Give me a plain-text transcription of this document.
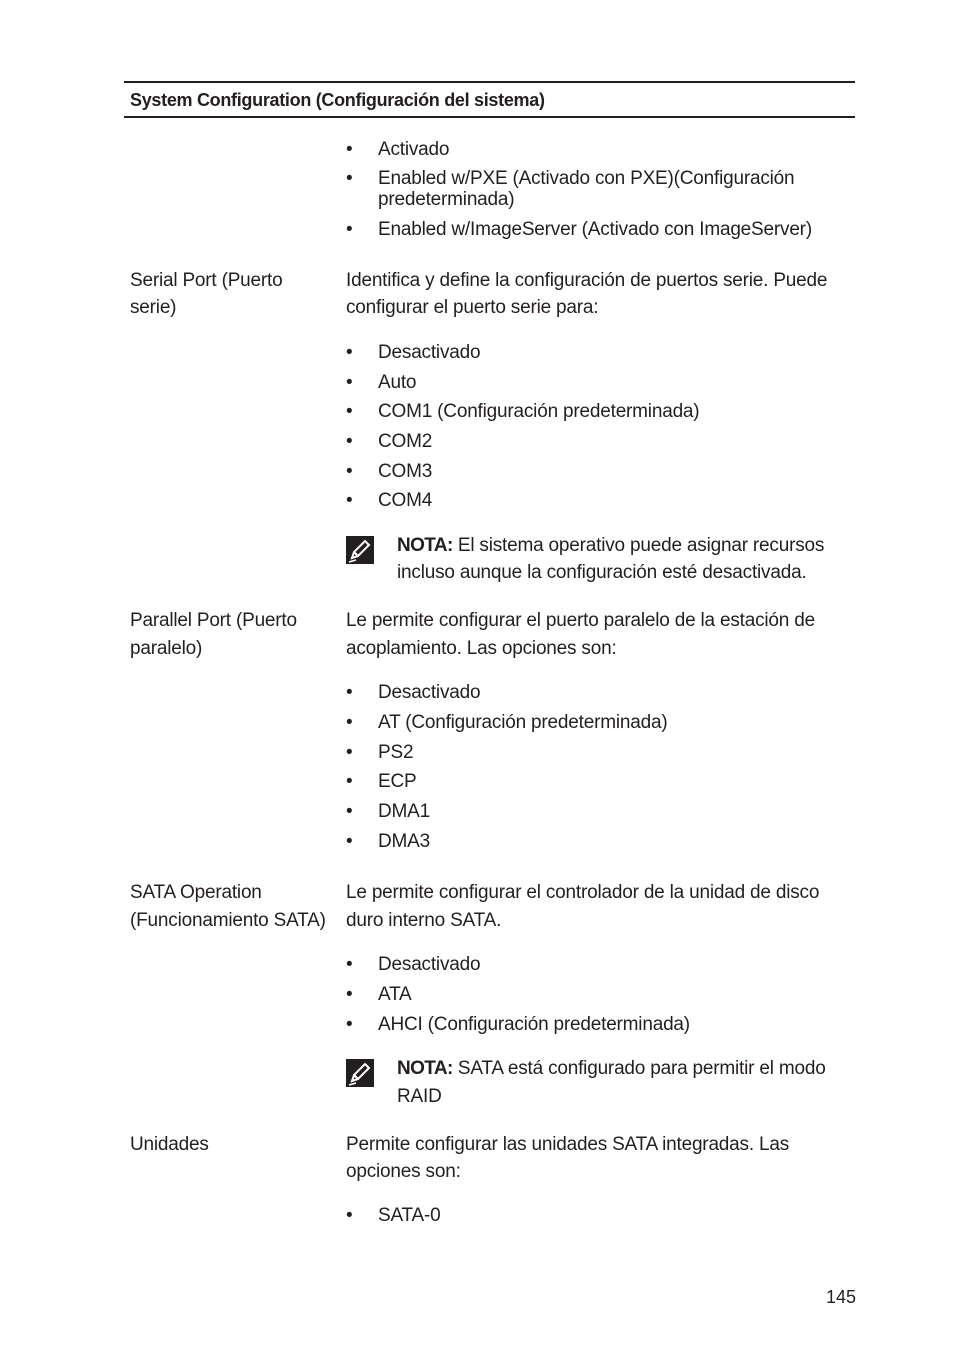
System Configuration (Configuración del sistema)
• Activado
• Enabled w/PXE (Activado con PXE)(Configuración
predeterminada)
• Enabled w/ImageServer (Activado con ImageServer)
Serial Port (Puerto
serie)
Identifica y define la configuración de puertos serie. Puede
configurar el puerto serie para:
• Desactivado
• Auto
• COM1 (Configuración predeterminada)
• COM2
• COM3
• COM4
NOTA: El sistema operativo puede asignar recursos
incluso aunque la configuración esté desactivada.
Parallel Port (Puerto
paralelo)
Le permite configurar el puerto paralelo de la estación de
acoplamiento. Las opciones son:
• Desactivado
• AT (Configuración predeterminada)
• PS2
• ECP
• DMA1
• DMA3
SATA Operation
(Funcionamiento SATA)
Le permite configurar el controlador de la unidad de disco
duro interno SATA.
• Desactivado
• ATA
• AHCI (Configuración predeterminada)
NOTA: SATA está configurado para permitir el modo
RAID
Unidades	Permite configurar las unidades SATA integradas. Las
opciones son:
• SATA-0
145
